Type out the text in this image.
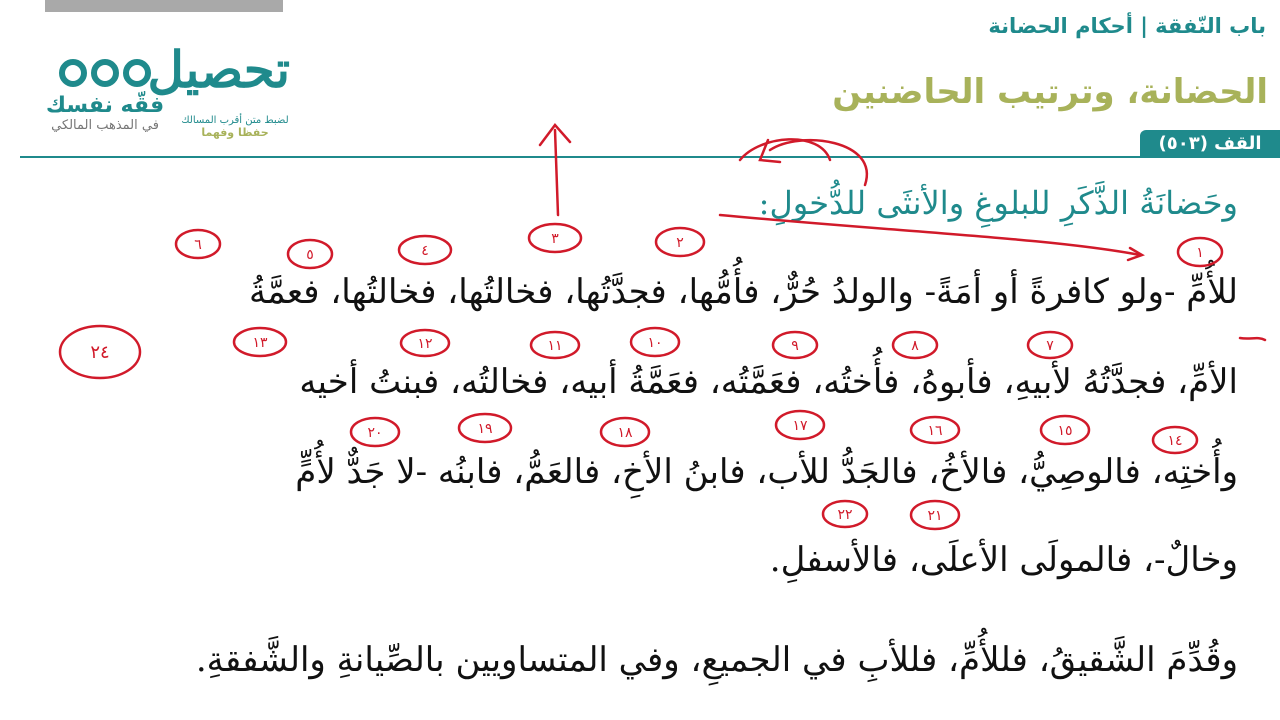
فقّه نفسك
في المذهب المالكي
تحصيل
لضبط متن أقرب المسالك
حفظا وفهما
باب النّفقة | أحكام الحضانة
الحضانة، وترتيب الحاضنين
القف (٥٠٣)
وحَضانَةُ الذَّكَرِ للبلوغِ والأنثَى للدُّخولِ:
للأُمِّ -ولو كافرةً أو أمَةً- والولدُ حُرٌّ، فأُمُّها، فجدَّتُها، فخالتُها، فخالتُها، فعمَّةُ
الأمِّ، فجدَّتُهُ لأبيهِ، فأبوهُ، فأُختُه، فعَمَّتُه، فعَمَّةُ أبيه، فخالتُه، فبنتُ أخيه
وأُختِه، فالوصِيُّ، فالأخُ، فالجَدُّ للأب، فابنُ الأخِ، فالعَمُّ، فابنُه -لا جَدٌّ لأُمٍّ
وخالٌ-، فالمولَى الأعلَى، فالأسفلِ.
وقُدِّمَ الشَّقيقُ، فللأُمِّ، فللأبِ في الجميعِ، وفي المتساويين بالصِّيانةِ والشَّفقةِ.
١
٢
٣
٤
٥
٦
٧
٨
٩
١٠
١١
١٢
١٣
٢٤
١٤
١٥
١٦
١٧
١٨
١٩
٢٠
٢١
٢٢
